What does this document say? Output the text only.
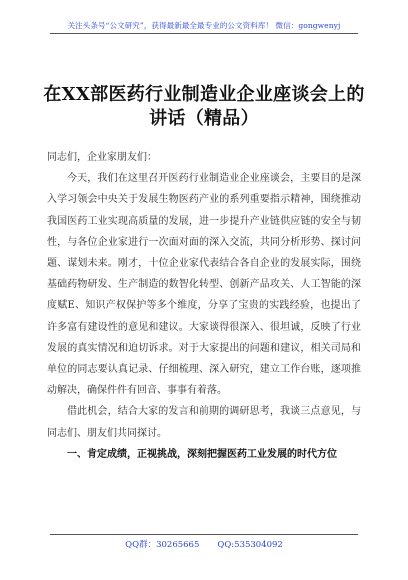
关注头条号“公文研究”，获得最新最全最专业的公文资料库！ 微信：gongwenyj
在XX部医药行业制造业企业座谈会上的讲话（精品）

同志们，企业家朋友们：

今天，我们在这里召开医药行业制造业企业座谈会，主要目的是深入学习领会中央关于发展生物医药产业的系列重要指示精神，围绕推动我国医药工业实现高质量的发展，进一步提升产业链供应链的安全与韧性，与各位企业家进行一次面对面的深入交流，共同分析形势、探讨问题、谋划未来。刚才，十位企业家代表结合各自企业的发展实际，围绕基础药物研发、生产制造的数智化转型、创新产品攻关、人工智能的深度赋E、知识产权保护等多个维度，分享了宝贵的实践经验，也提出了许多富有建设性的意见和建议。大家谈得很深入、很坦诚，反映了行业发展的真实情况和迫切诉求。对于大家提出的问题和建议，相关司局和单位的同志要认真记录、仔细梳理、深入研究，建立工作台账，逐项推动解决，确保件件有回音、事事有着落。

借此机会，结合大家的发言和前期的调研思考，我谈三点意见，与同志们、朋友们共同探讨。

一、肯定成绩，正视挑战，深刻把握医药工业发展的时代方位

QQ群：30265665 QQ:535304092
